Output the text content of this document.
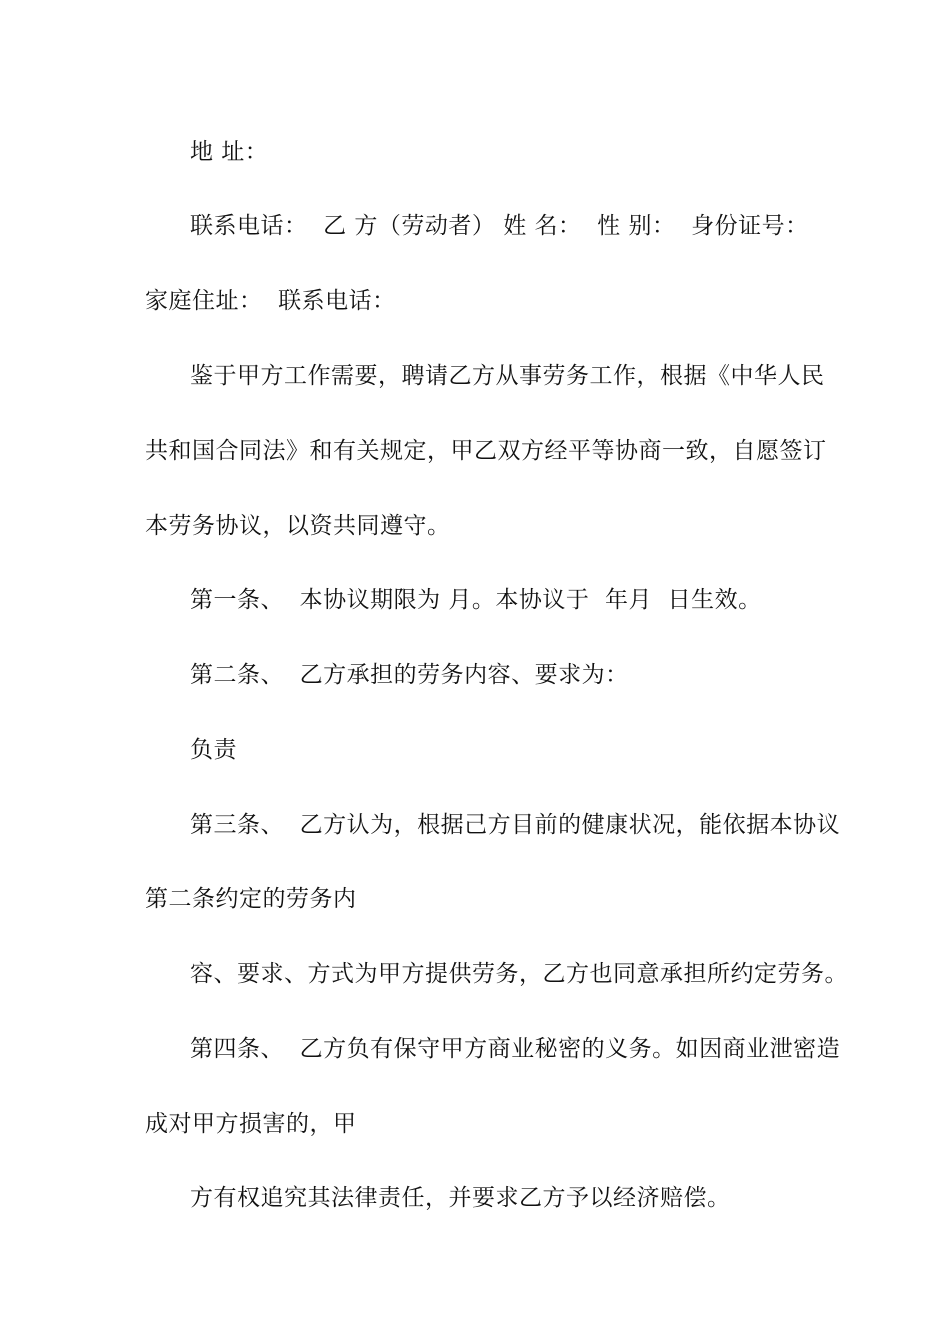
地 址：
联系电话：  乙 方（劳动者） 姓 名：  性 别：  身份证号：
家庭住址：  联系电话：
鉴于甲方工作需要，聘请乙方从事劳务工作，根据《中华人民
共和国合同法》和有关规定，甲乙双方经平等协商一致，自愿签订
本劳务协议，以资共同遵守。
第一条、  本协议期限为 月。本协议于  年月  日生效。
第二条、  乙方承担的劳务内容、要求为：
负责
第三条、  乙方认为，根据己方目前的健康状况，能依据本协议
第二条约定的劳务内
容、要求、方式为甲方提供劳务，乙方也同意承担所约定劳务。
第四条、  乙方负有保守甲方商业秘密的义务。如因商业泄密造
成对甲方损害的，甲
方有权追究其法律责任，并要求乙方予以经济赔偿。
